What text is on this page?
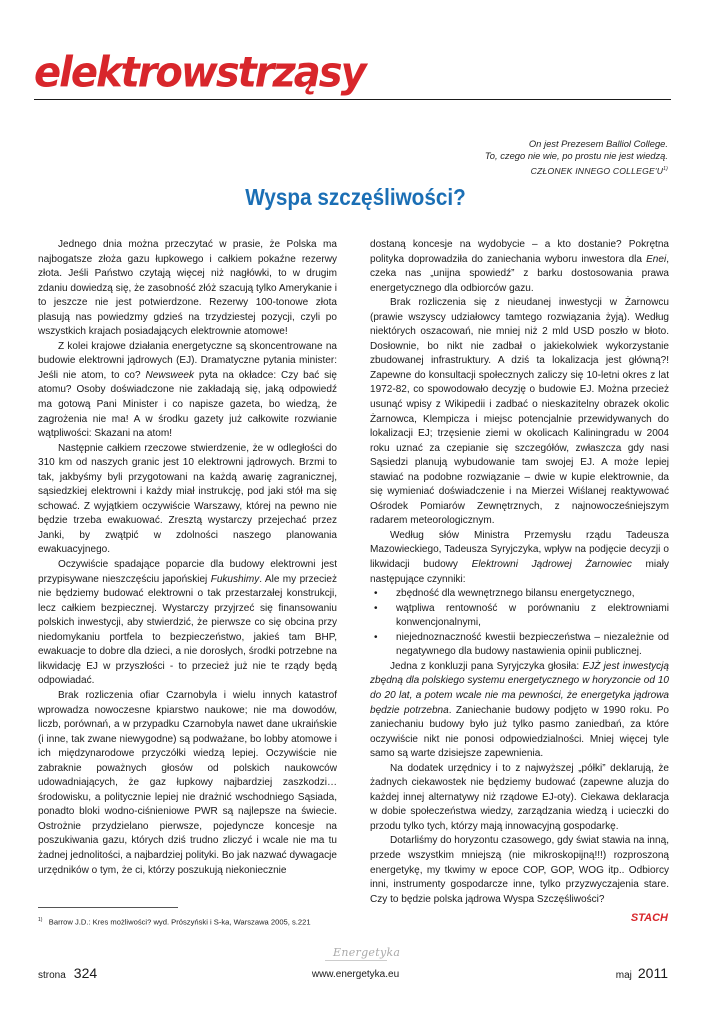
elektrowstrząsy
On jest Prezesem Balliol College.
To, czego nie wie, po prostu nie jest wiedzą.
CZŁONEK INNEGO $COLLEGE'U^{1)}$
Wyspa szczęśliwości?

Jednego dnia można przeczytać w prasie, że Polska ma najbogatsze złoża gazu łupkowego i całkiem pokaźne rezerwy złota. Jeśli Państwo czytają więcej niż nagłówki, to w drugim zdaniu dowiedzą się, że zasobność złóż szacują tylko Amerykanie i to jeszcze nie jest potwierdzone. Rezerwy 100-tonowe złota plasują nas powiedzmy gdzieś na trzydziestej pozycji, czyli po wszystkich krajach posiadających elektrownie atomowe!

Z kolei krajowe działania energetyczne są skoncentrowane na budowie elektrowni jądrowych (EJ). Dramatyczne pytania minister: Jeśli nie atom, to co? Newsweek pyta na okładce: Czy bać się atomu? Osoby doświadczone nie zakładają się, jaką odpowiedź ma gotową Pani Minister i co napisze gazeta, bo wiedzą, że zagrożenia nie ma! A w środku gazety już całkowite rozwianie wątpliwości: Skazani na atom!

Następnie całkiem rzeczowe stwierdzenie, że w odległości do 310 km od naszych granic jest 10 elektrowni jądrowych. Brzmi to tak, jakbyśmy byli przygotowani na każdą awarię zagranicznej, sąsiedzkiej elektrowni i każdy miał instrukcję, pod jaki stół ma się schować. Z wyjątkiem oczywiście Warszawy, której na pewno nie będzie trzeba ewakuować. Zresztą wystarczy przejechać przez Janki, by zwątpić w zdolności naszego planowania ewakuacyjnego.

Oczywiście spadające poparcie dla budowy elektrowni jest przypisywane nieszczęściu japońskiej Fukushimy. Ale my przecież nie będziemy budować elektrowni o tak przestarzałej konstrukcji, lecz całkiem bezpiecznej. Wystarczy przyjrzeć się finansowaniu polskich inwestycji, aby stwierdzić, że pierwsze co się obcina przy niedomykaniu portfela to bezpieczeństwo, jakieś tam BHP, ewakuacje to dobre dla dzieci, a nie dorosłych, środki potrzebne na likwidację EJ w przyszłości - to przecież już nie te rządy będą odpowiadać.

Brak rozliczenia ofiar Czarnobyla i wielu innych katastrof wprowadza nowoczesne kpiarstwo naukowe; nie ma dowodów, liczb, porównań, a w przypadku Czarnobyla nawet dane ukraińskie (i inne, tak zwane niewygodne) są podważane, bo lobby atomowe i ich międzynarodowe przyczółki wiedzą lepiej. Oczywiście nie zabraknie poważnych głosów od polskich naukowców udowadniających, że gaz łupkowy najbardziej zaszkodzi… środowisku, a politycznie lepiej nie drażnić wschodniego Sąsiada, ponadto bloki wodno-ciśnieniowe PWR są najlepsze na świecie. Ostrożnie przydzielano pierwsze, pojedyncze koncesje na poszukiwania gazu, których dziś trudno zliczyć i wcale nie ma tu żadnej jednolitości, a najbardziej polityki. Bo jak nazwać dywagacje urzędników o tym, że ci, którzy poszukują niekoniecznie

dostaną koncesje na wydobycie – a kto dostanie? Pokrętna polityka doprowadziła do zaniechania wyboru inwestora dla Enei, czeka nas „unijna spowiedź” z barku dostosowania prawa energetycznego dla odbiorców gazu.

Brak rozliczenia się z nieudanej inwestycji w Żarnowcu (prawie wszyscy udziałowcy tamtego rozwiązania żyją). Według niektórych oszacowań, nie mniej niż 2 mld USD poszło w błoto. Dosłownie, bo nikt nie zadbał o jakiekolwiek wykorzystanie zbudowanej infrastruktury. A dziś ta lokalizacja jest główną?! Zapewne do konsultacji społecznych zaliczy się 10-letni okres z lat 1972-82, co spowodowało decyzję o budowie EJ. Można przecież usunąć wpisy z Wikipedii i zadbać o nieskazitelny obrazek okolic Żarnowca, Klempicza i miejsc potencjalnie przewidywanych do lokalizacji EJ; trzęsienie ziemi w okolicach Kaliningradu w 2004 roku uznać za czepianie się szczegółów, zwłaszcza gdy nasi Sąsiedzi planują wybudowanie tam swojej EJ. A może lepiej stawiać na podobne rozwiązanie – dwie w kupie elektrownie, da się wymieniać doświadczenie i na Mierzei Wiślanej reaktywować Ośrodek Pomiarów Zewnętrznych, z najnowocześniejszym radarem meteorologicznym.

Według słów Ministra Przemysłu rządu Tadeusza Mazowieckiego, Tadeusza Syryjczyka, wpływ na podjęcie decyzji o likwidacji budowy Elektrowni Jądrowej Żarnowiec miały następujące czynniki:

• zbędność dla wewnętrznego bilansu energetycznego,
• wątpliwa rentowność w porównaniu z elektrowniami konwencjonalnymi,
• niejednoznaczność kwestii bezpieczeństwa – niezależnie od negatywnego dla budowy nastawienia opinii publicznej.

Jedna z konkluzji pana Syryjczyka głosiła: EJŻ jest inwestycją zbędną dla polskiego systemu energetycznego w horyzoncie od 10 do 20 lat, a potem wcale nie ma pewności, że energetyka jądrowa będzie potrzebna. Zaniechanie budowy podjęto w 1990 roku. Po zaniechaniu budowy było już tylko pasmo zaniedbań, za które oczywiście nikt nie ponosi odpowiedzialności. Mniej więcej tyle samo są warte dzisiejsze zapewnienia.

Na dodatek urzędnicy i to z najwyższej „półki” deklarują, że żadnych ciekawostek nie będziemy budować (zapewne aluzja do każdej innej alternatywy niż rządowe EJ-oty). Ciekawa deklaracja w dobie społeczeństwa wiedzy, zarządzania wiedzą i ucieczki do przodu tylko tych, którzy mają innowacyjną gospodarkę.

Dotarliśmy do horyzontu czasowego, gdy świat stawia na inną, przede wszystkim mniejszą (nie mikroskopijną!!!) rozproszoną energetykę, my tkwimy w epoce COP, GOP, WOG itp.. Odbiorcy inni, instrumenty gospodarcze inne, tylko przyzwyczajenia stare. Czy to będzie polska jądrowa Wyspa Szczęśliwości?

$^{1)}$ Barrow J.D.: Kres możliwości? wyd. Prószyński i S-ka, Warszawa 2005, s.221	STACH
Energetyka
strona 324	www.energetyka.eu	maj 2011
